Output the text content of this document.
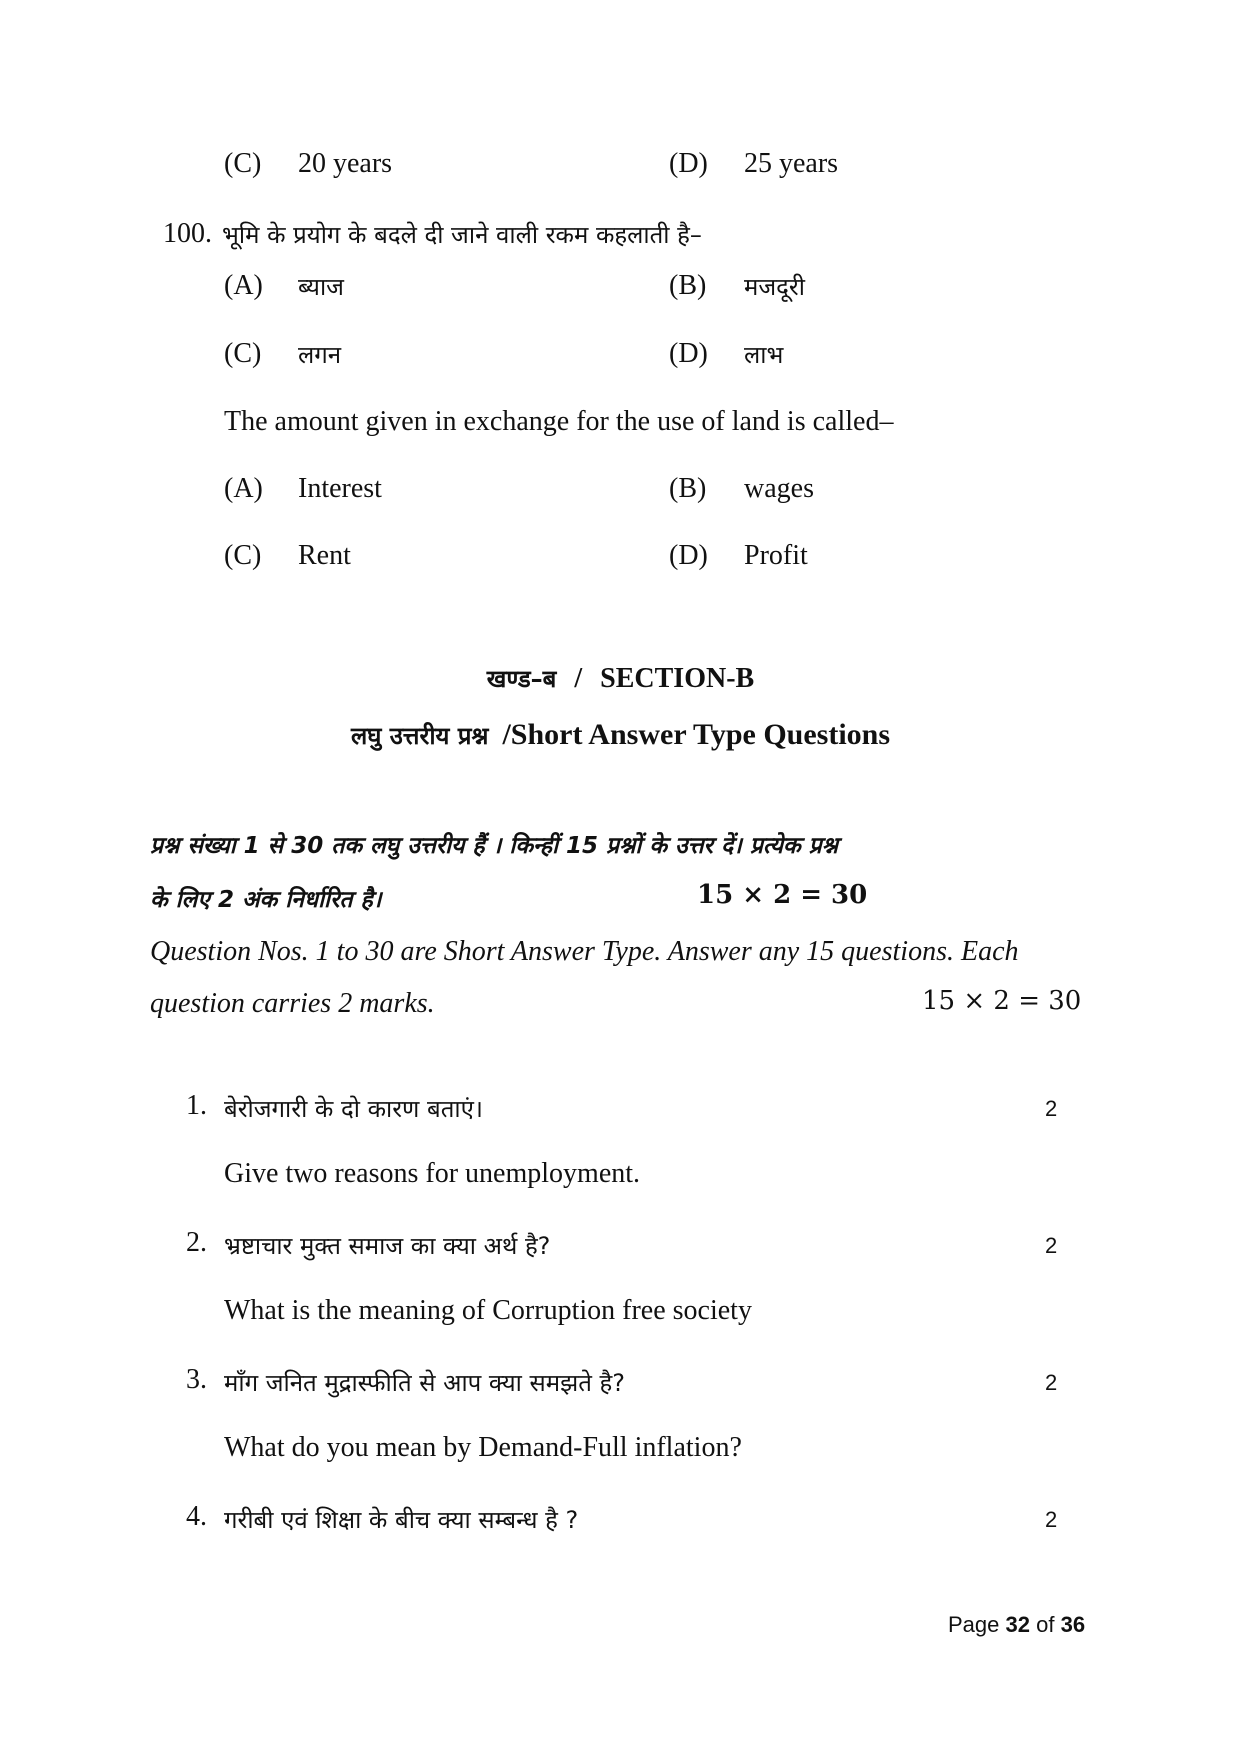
(C) 20 years	(D) 25 years
100. भूमि के प्रयोग के बदले दी जाने वाली रकम कहलाती है–
(A) ब्याज	(B) मजदूरी
(C) लगन	(D) लाभ
The amount given in exchange for the use of land is called–
(A) Interest	(B) wages
(C) Rent	(D) Profit
खण्ड–ब / SECTION-B
लघु उत्तरीय प्रश्न /Short Answer Type Questions
प्रश्न संख्या 1 से 30 तक लघु उत्तरीय हैं । किन्हीं 15 प्रश्नों के उत्तर दें। प्रत्येक प्रश्न
के लिए 2 अंक निर्धारित है।	15 × 2 = 30
Question Nos. 1 to 30 are Short Answer Type. Answer any 15 questions. Each
question carries 2 marks.	15 × 2 = 30
1. बेरोजगारी के दो कारण बताएं।	2
Give two reasons for unemployment.
2. भ्रष्टाचार मुक्त समाज का क्या अर्थ है?	2
What is the meaning of Corruption free society
3. माँग जनित मुद्रास्फीति से आप क्या समझते है?	2
What do you mean by Demand-Full inflation?
4. गरीबी एवं शिक्षा के बीच क्या सम्बन्ध है ?	2
Page 32 of 36
